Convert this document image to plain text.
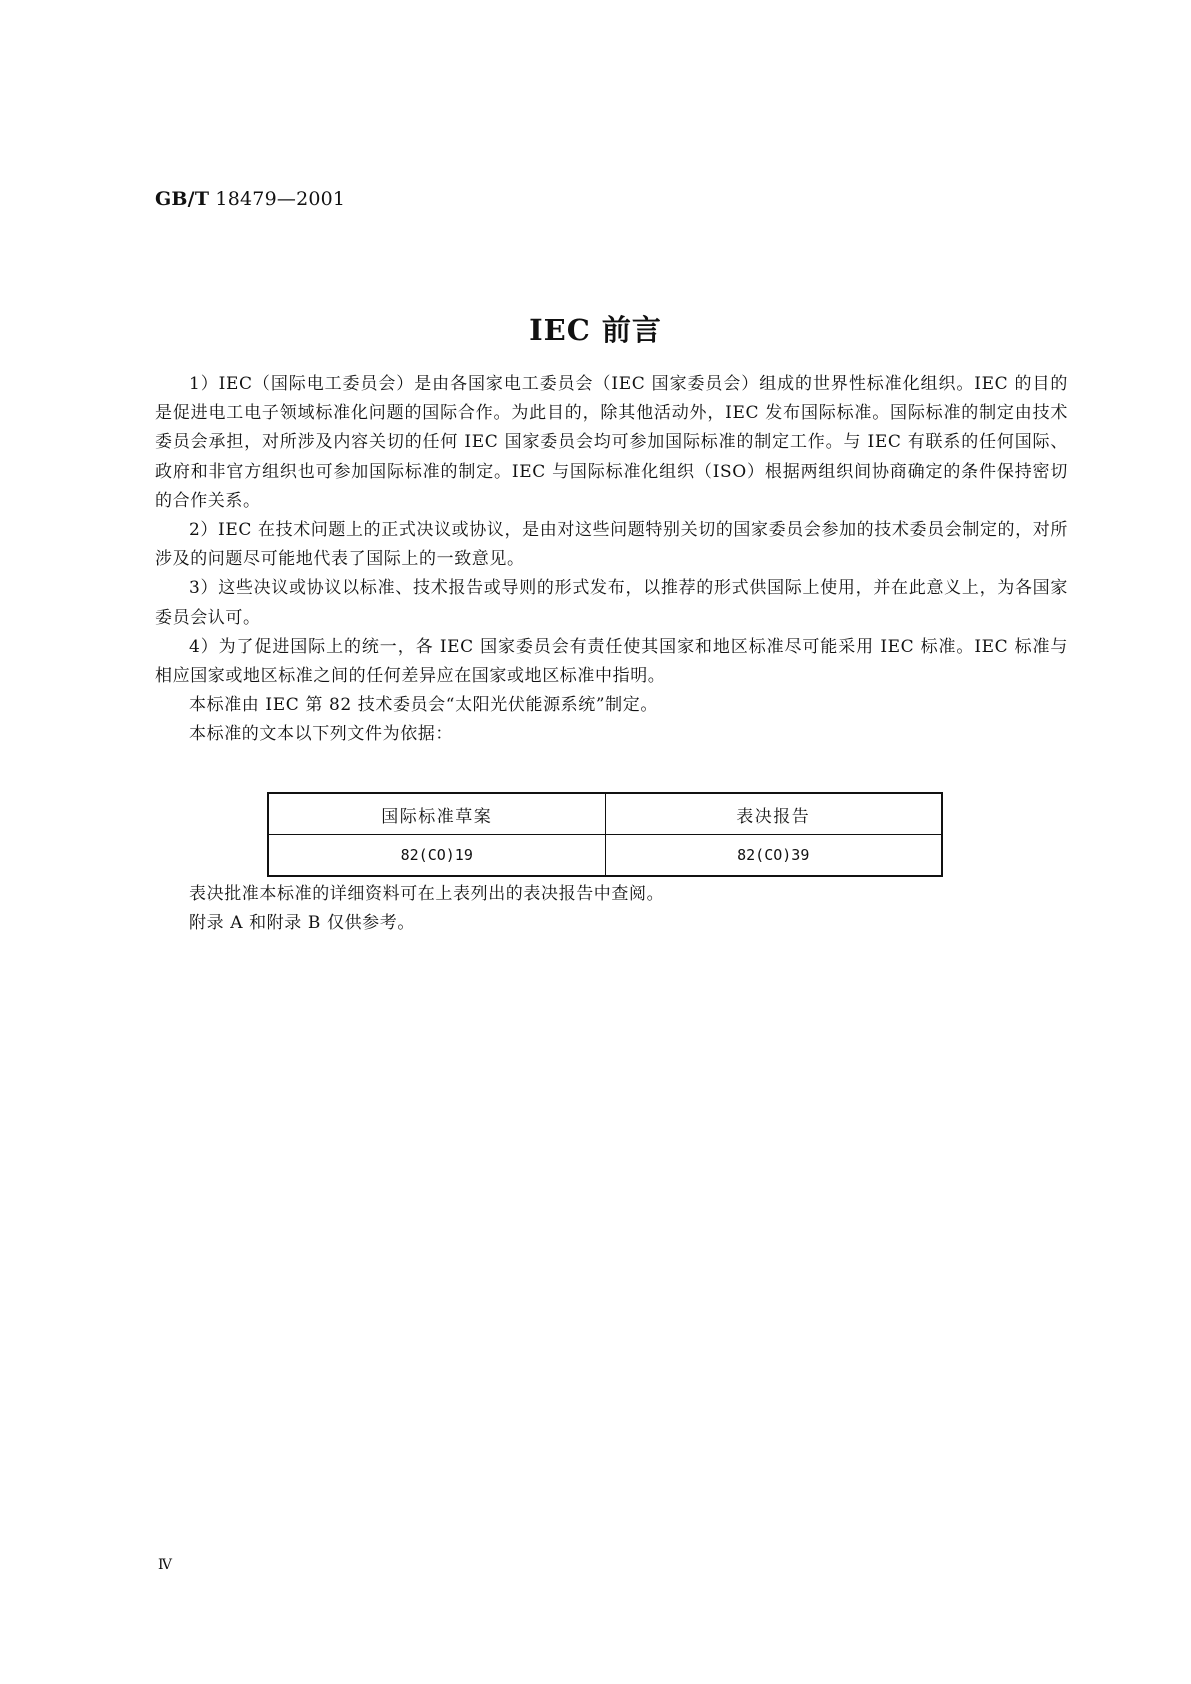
GB/T 18479—2001
IEC 前言

1）IEC（国际电工委员会）是由各国家电工委员会（IEC 国家委员会）组成的世界性标准化组织。IEC 的目的是促进电工电子领域标准化问题的国际合作。为此目的，除其他活动外，IEC 发布国际标准。国际标准的制定由技术委员会承担，对所涉及内容关切的任何 IEC 国家委员会均可参加国际标准的制定工作。与 IEC 有联系的任何国际、政府和非官方组织也可参加国际标准的制定。IEC 与国际标准化组织（ISO）根据两组织间协商确定的条件保持密切的合作关系。

2）IEC 在技术问题上的正式决议或协议，是由对这些问题特别关切的国家委员会参加的技术委员会制定的，对所涉及的问题尽可能地代表了国际上的一致意见。

3）这些决议或协议以标准、技术报告或导则的形式发布，以推荐的形式供国际上使用，并在此意义上，为各国家委员会认可。

4）为了促进国际上的统一，各 IEC 国家委员会有责任使其国家和地区标准尽可能采用 IEC 标准。IEC 标准与相应国家或地区标准之间的任何差异应在国家或地区标准中指明。

本标准由 IEC 第 82 技术委员会“太阳光伏能源系统”制定。

本标准的文本以下列文件为依据：

国际标准草案	表决报告
82(CO)19	82(CO)39

表决批准本标准的详细资料可在上表列出的表决报告中查阅。

附录 A 和附录 B 仅供参考。

Ⅳ
